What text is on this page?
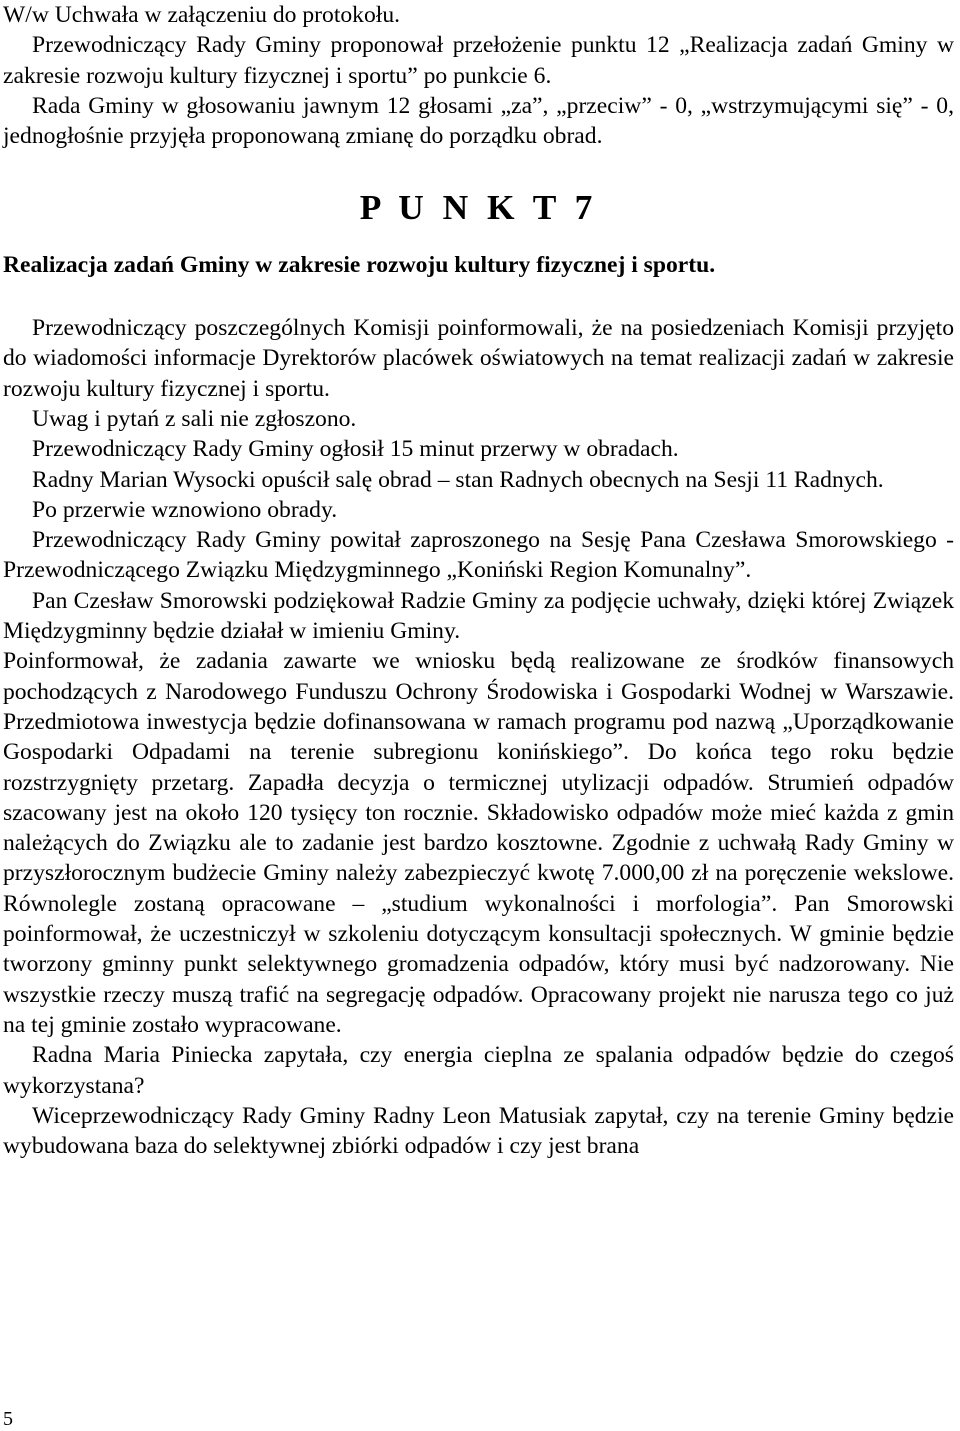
W/w Uchwała w załączeniu do protokołu.

Przewodniczący Rady Gminy proponował przełożenie punktu 12 „Realizacja zadań Gminy w zakresie rozwoju kultury fizycznej i sportu” po punkcie 6.

Rada Gminy w głosowaniu jawnym 12 głosami „za”, „przeciw” - 0, „wstrzymującymi się” - 0, jednogłośnie przyjęła proponowaną zmianę do porządku obrad.

P U N K T 7

Realizacja zadań Gminy w zakresie rozwoju kultury fizycznej i sportu.

Przewodniczący poszczególnych Komisji poinformowali, że na posiedzeniach Komisji przyjęto do wiadomości informacje Dyrektorów placówek oświatowych na temat realizacji zadań w zakresie rozwoju kultury fizycznej i sportu.

Uwag i pytań z sali nie zgłoszono.

Przewodniczący Rady Gminy ogłosił 15 minut przerwy w obradach.

Radny Marian Wysocki opuścił salę obrad – stan Radnych obecnych na Sesji 11 Radnych.

Po przerwie wznowiono obrady.

Przewodniczący Rady Gminy powitał zaproszonego na Sesję Pana Czesława Smorowskiego - Przewodniczącego Związku Międzygminnego „Koniński Region Komunalny”.

Pan Czesław Smorowski podziękował Radzie Gminy za podjęcie uchwały, dzięki której Związek Międzygminny będzie działał w imieniu Gminy.

Poinformował, że zadania zawarte we wniosku będą realizowane ze środków finansowych pochodzących z Narodowego Funduszu Ochrony Środowiska i Gospodarki Wodnej w Warszawie. Przedmiotowa inwestycja będzie dofinansowana w ramach programu pod nazwą „Uporządkowanie Gospodarki Odpadami na terenie subregionu konińskiego”. Do końca tego roku będzie rozstrzygnięty przetarg. Zapadła decyzja o termicznej utylizacji odpadów. Strumień odpadów szacowany jest na około 120 tysięcy ton rocznie. Składowisko odpadów może mieć każda z gmin należących do Związku ale to zadanie jest bardzo kosztowne. Zgodnie z uchwałą Rady Gminy w przyszłorocznym budżecie Gminy należy zabezpieczyć kwotę 7.000,00 zł na poręczenie wekslowe. Równolegle zostaną opracowane – „studium wykonalności i morfologia”. Pan Smorowski poinformował, że uczestniczył w szkoleniu dotyczącym konsultacji społecznych. W gminie będzie tworzony gminny punkt selektywnego gromadzenia odpadów, który musi być nadzorowany. Nie wszystkie rzeczy muszą trafić na segregację odpadów. Opracowany projekt nie narusza tego co już na tej gminie zostało wypracowane.

Radna Maria Piniecka zapytała, czy energia cieplna ze spalania odpadów będzie do czegoś wykorzystana?

Wiceprzewodniczący Rady Gminy Radny Leon Matusiak zapytał, czy na terenie Gminy będzie wybudowana baza do selektywnej zbiórki odpadów i czy jest brana

5
